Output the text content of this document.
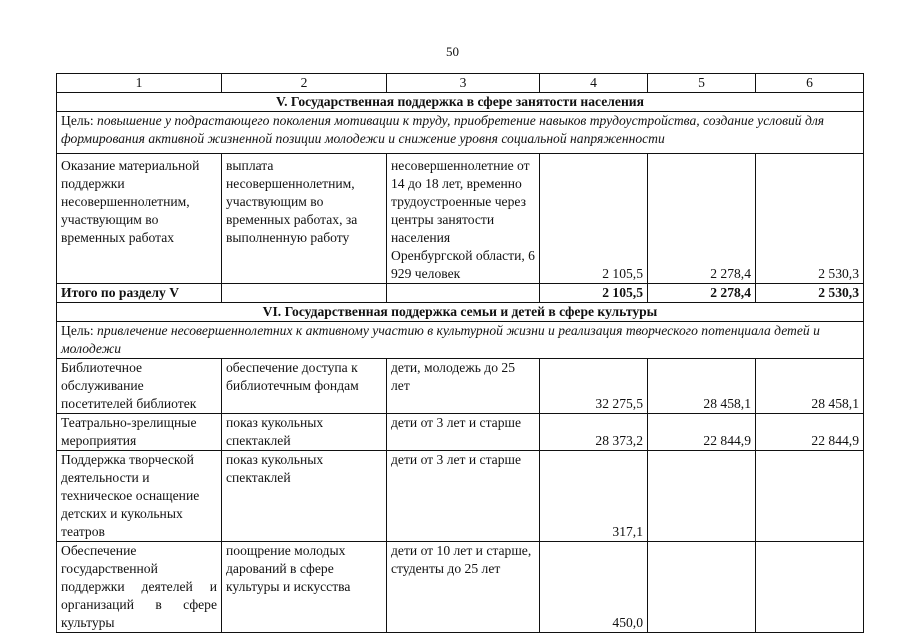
50
1	2	3	4	5	6
V. Государственная поддержка в сфере занятости населения					
Цель: повышение у подрастающего поколения мотивации к труду, приобретение навыков трудоустройства, создание условий для формирования активной жизненной позиции молодежи и снижение уровня социальной напряженности					
Оказание материальной поддержки несовершеннолетним, участвующим во временных работах	выплата несовершеннолетним, участвующим во временных работах, за выполненную работу	несовершеннолетние от 14 до 18 лет, временно трудоустроенные через центры занятости населения Оренбургской области, 6 929 человек	2 105,5	2 278,4	2 530,3
Итого по разделу V			2 105,5	2 278,4	2 530,3
VI. Государственная поддержка семьи и детей в сфере культуры					
Цель: привлечение несовершеннолетних к активному участию в культурной жизни и реализация творческого потенциала детей и молодежи					
Библиотечное обслуживание посетителей библиотек	обеспечение доступа к библиотечным фондам	дети, молодежь до 25 лет	32 275,5	28 458,1	28 458,1
Театрально-зрелищные мероприятия	показ кукольных спектаклей	дети от 3 лет и старше	28 373,2	22 844,9	22 844,9
Поддержка творческой деятельности и техническое оснащение детских и кукольных театров	показ кукольных спектаклей	дети от 3 лет и старше	317,1		
Обеспечение государственной поддержки деятелей и организаций в сфере культуры	поощрение молодых дарований в сфере культуры и искусства	дети от 10 лет и старше, студенты до 25 лет	450,0		
